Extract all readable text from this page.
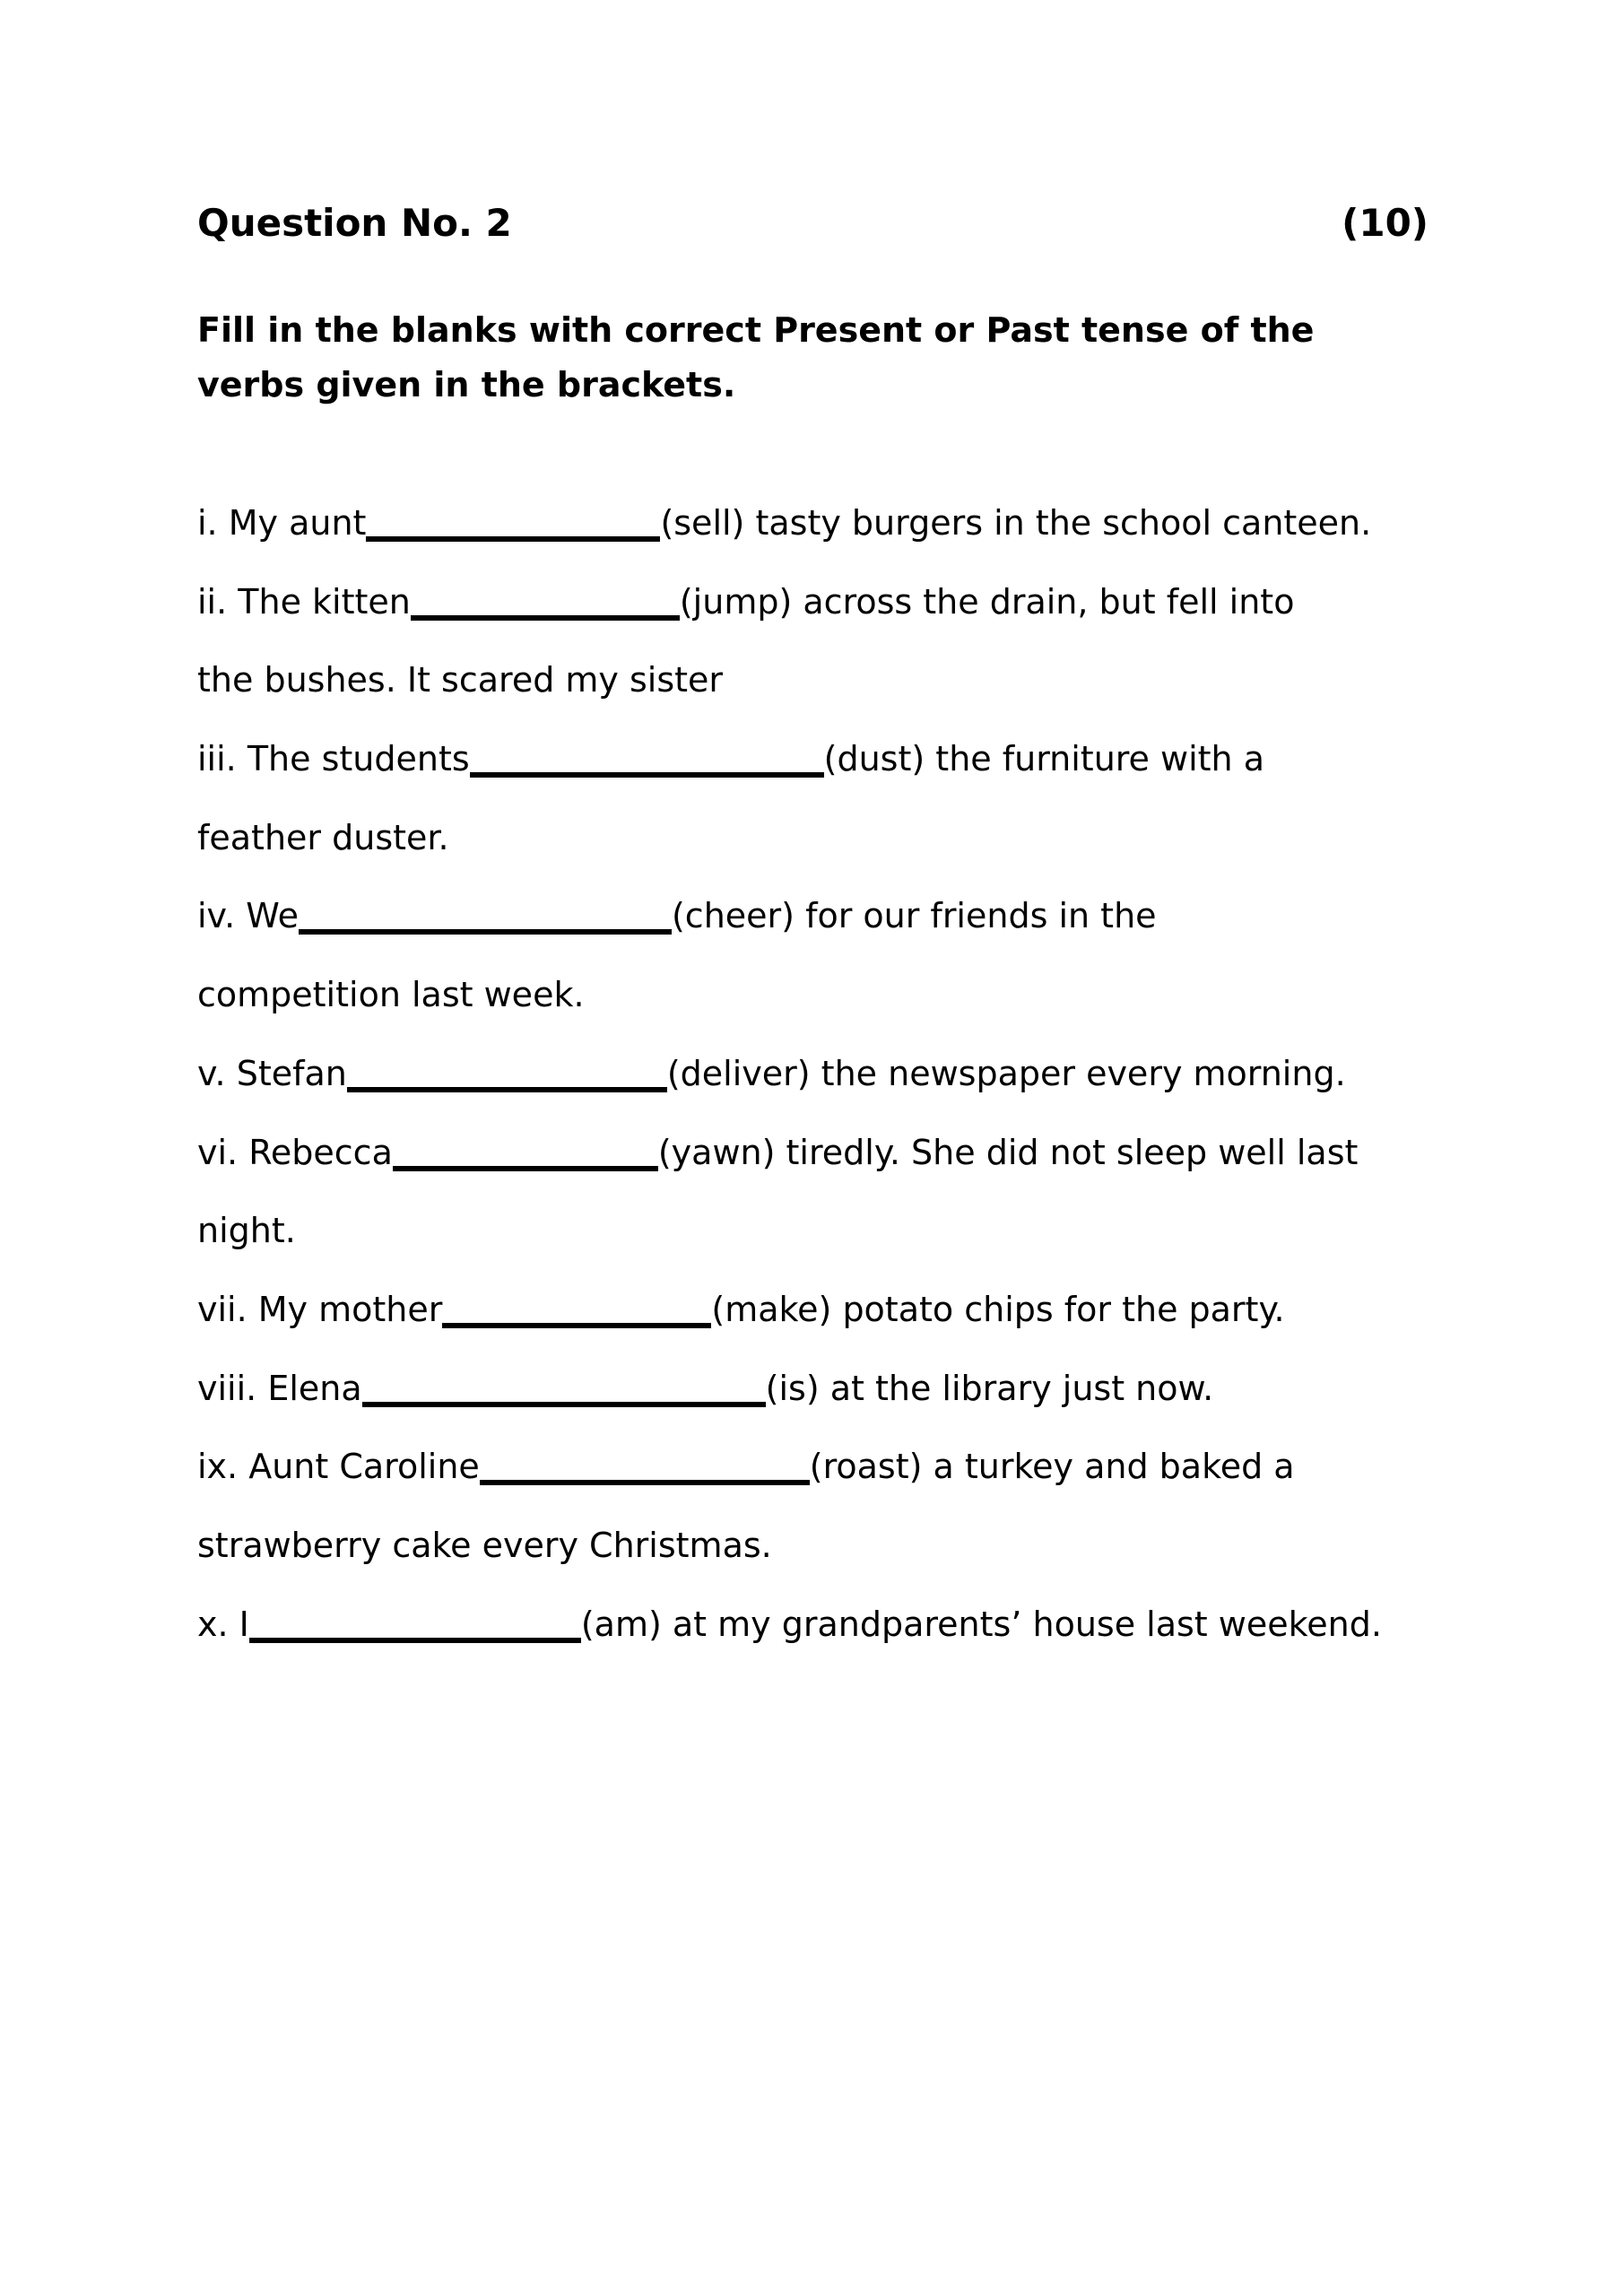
Question No. 2	(10)
Fill in the blanks with correct Present or Past tense of the
verbs given in the brackets.
i. My aunt	(sell) tasty burgers in the school canteen.
ii. The kitten	(jump) across the drain, but fell into
the bushes. It scared my sister
iii. The students	(dust) the furniture with a
feather duster.
iv. We	(cheer) for our friends in the
competition last week.
v. Stefan	(deliver) the newspaper every morning.
vi. Rebecca	(yawn) tiredly. She did not sleep well last
night.
vii. My mother	(make) potato chips for the party.
viii. Elena	(is) at the library just now.
ix. Aunt Caroline	(roast) a turkey and baked a
strawberry cake every Christmas.
x. I	(am) at my grandparents’ house last weekend.
